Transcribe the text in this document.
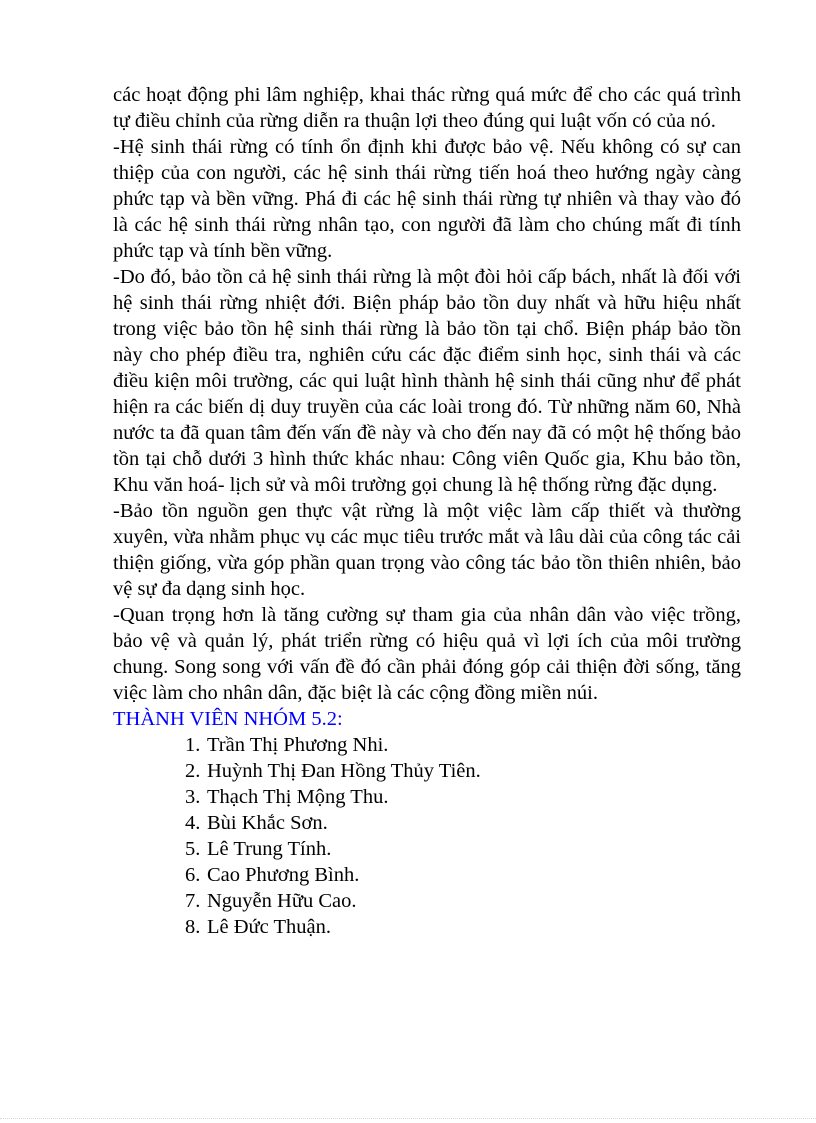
các hoạt động phi lâm nghiệp, khai thác rừng quá mức để cho các quá trình tự điều chỉnh của rừng diễn ra thuận lợi theo đúng qui luật vốn có của nó.

-Hệ sinh thái rừng có tính ổn định khi được bảo vệ. Nếu không có sự can thiệp của con người, các hệ sinh thái rừng tiến hoá theo hướng ngày càng phức tạp và bền vững. Phá đi các hệ sinh thái rừng tự nhiên và thay vào đó là các hệ sinh thái rừng nhân tạo, con người đã làm cho chúng mất đi tính phức tạp và tính bền vững.

-Do đó, bảo tồn cả hệ sinh thái rừng là một đòi hỏi cấp bách, nhất là đối với hệ sinh thái rừng nhiệt đới. Biện pháp bảo tồn duy nhất và hữu hiệu nhất trong việc bảo tồn hệ sinh thái rừng là bảo tồn tại chổ. Biện pháp bảo tồn này cho phép điều tra, nghiên cứu các đặc điểm sinh học, sinh thái và các điều kiện môi trường, các qui luật hình thành hệ sinh thái cũng như để phát hiện ra các biến dị duy truyền của các loài trong đó. Từ những năm 60, Nhà nước ta đã quan tâm đến vấn đề này và cho đến nay đã có một hệ thống bảo tồn tại chỗ dưới 3 hình thức khác nhau: Công viên Quốc gia, Khu bảo tồn, Khu văn hoá- lịch sử và môi trường gọi chung là hệ thống rừng đặc dụng.

-Bảo tồn nguồn gen thực vật rừng là một việc làm cấp thiết và thường xuyên, vừa nhằm phục vụ các mục tiêu trước mắt và lâu dài của công tác cải thiện giống, vừa góp phần quan trọng vào công tác bảo tồn thiên nhiên, bảo vệ sự đa dạng sinh học.

-Quan trọng hơn là tăng cường sự tham gia của nhân dân vào việc trồng, bảo vệ và quản lý, phát triển rừng có hiệu quả vì lợi ích của môi trường chung. Song song với vấn đề đó cần phải đóng góp cải thiện đời sống, tăng việc làm cho nhân dân, đặc biệt là các cộng đồng miền núi.

THÀNH VIÊN NHÓM 5.2:

1. Trần Thị Phương Nhi.
2. Huỳnh Thị Đan Hồng Thủy Tiên.
3. Thạch Thị Mộng Thu.
4. Bùi Khắc Sơn.
5. Lê Trung Tính.
6. Cao Phương Bình.
7. Nguyễn Hữu Cao.
8. Lê Đức Thuận.
